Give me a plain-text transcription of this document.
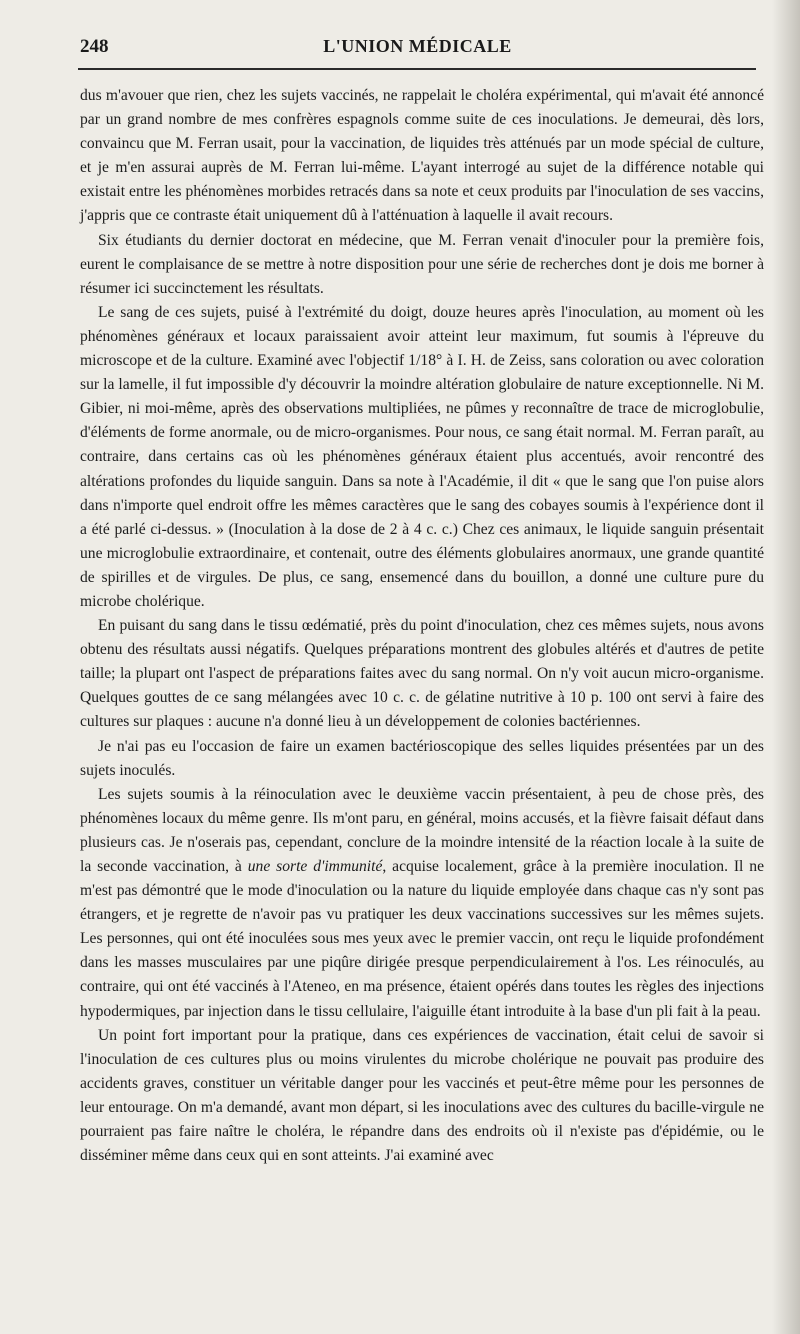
248	L'UNION MÉDICALE

dus m'avouer que rien, chez les sujets vaccinés, ne rappelait le choléra expérimental, qui m'avait été annoncé par un grand nombre de mes confrères espagnols comme suite de ces inoculations. Je demeurai, dès lors, convaincu que M. Ferran usait, pour la vaccination, de liquides très atténués par un mode spécial de culture, et je m'en assurai auprès de M. Ferran lui-même. L'ayant interrogé au sujet de la différence notable qui existait entre les phénomènes morbides retracés dans sa note et ceux produits par l'inoculation de ses vaccins, j'appris que ce contraste était uniquement dû à l'atténuation à laquelle il avait recours.

Six étudiants du dernier doctorat en médecine, que M. Ferran venait d'inoculer pour la première fois, eurent le complaisance de se mettre à notre disposition pour une série de recherches dont je dois me borner à résumer ici succinctement les résultats.

Le sang de ces sujets, puisé à l'extrémité du doigt, douze heures après l'inoculation, au moment où les phénomènes généraux et locaux paraissaient avoir atteint leur maximum, fut soumis à l'épreuve du microscope et de la culture. Examiné avec l'objectif 1/18° à I. H. de Zeiss, sans coloration ou avec coloration sur la lamelle, il fut impossible d'y découvrir la moindre altération globulaire de nature exceptionnelle. Ni M. Gibier, ni moi-même, après des observations multipliées, ne pûmes y reconnaître de trace de microglobulie, d'éléments de forme anormale, ou de micro-organismes. Pour nous, ce sang était normal. M. Ferran paraît, au contraire, dans certains cas où les phénomènes généraux étaient plus accentués, avoir rencontré des altérations profondes du liquide sanguin. Dans sa note à l'Académie, il dit « que le sang que l'on puise alors dans n'importe quel endroit offre les mêmes caractères que le sang des cobayes soumis à l'expérience dont il a été parlé ci-dessus. » (Inoculation à la dose de 2 à 4 c. c.) Chez ces animaux, le liquide sanguin présentait une microglobulie extraordinaire, et contenait, outre des éléments globulaires anormaux, une grande quantité de spirilles et de virgules. De plus, ce sang, ensemencé dans du bouillon, a donné une culture pure du microbe cholérique.

En puisant du sang dans le tissu œdématié, près du point d'inoculation, chez ces mêmes sujets, nous avons obtenu des résultats aussi négatifs. Quelques préparations montrent des globules altérés et d'autres de petite taille; la plupart ont l'aspect de préparations faites avec du sang normal. On n'y voit aucun micro-organisme. Quelques gouttes de ce sang mélangées avec 10 c. c. de gélatine nutritive à 10 p. 100 ont servi à faire des cultures sur plaques : aucune n'a donné lieu à un développement de colonies bactériennes.

Je n'ai pas eu l'occasion de faire un examen bactérioscopique des selles liquides présentées par un des sujets inoculés.

Les sujets soumis à la réinoculation avec le deuxième vaccin présentaient, à peu de chose près, des phénomènes locaux du même genre. Ils m'ont paru, en général, moins accusés, et la fièvre faisait défaut dans plusieurs cas. Je n'oserais pas, cependant, conclure de la moindre intensité de la réaction locale à la suite de la seconde vaccination, à une sorte d'immunité, acquise localement, grâce à la première inoculation. Il ne m'est pas démontré que le mode d'inoculation ou la nature du liquide employée dans chaque cas n'y sont pas étrangers, et je regrette de n'avoir pas vu pratiquer les deux vaccinations successives sur les mêmes sujets. Les personnes, qui ont été inoculées sous mes yeux avec le premier vaccin, ont reçu le liquide profondément dans les masses musculaires par une piqûre dirigée presque perpendiculairement à l'os. Les réinoculés, au contraire, qui ont été vaccinés à l'Ateneo, en ma présence, étaient opérés dans toutes les règles des injections hypodermiques, par injection dans le tissu cellulaire, l'aiguille étant introduite à la base d'un pli fait à la peau.

Un point fort important pour la pratique, dans ces expériences de vaccination, était celui de savoir si l'inoculation de ces cultures plus ou moins virulentes du microbe cholérique ne pouvait pas produire des accidents graves, constituer un véritable danger pour les vaccinés et peut-être même pour les personnes de leur entourage. On m'a demandé, avant mon départ, si les inoculations avec des cultures du bacille-virgule ne pourraient pas faire naître le choléra, le répandre dans des endroits où il n'existe pas d'épidémie, ou le disséminer même dans ceux qui en sont atteints. J'ai examiné avec
